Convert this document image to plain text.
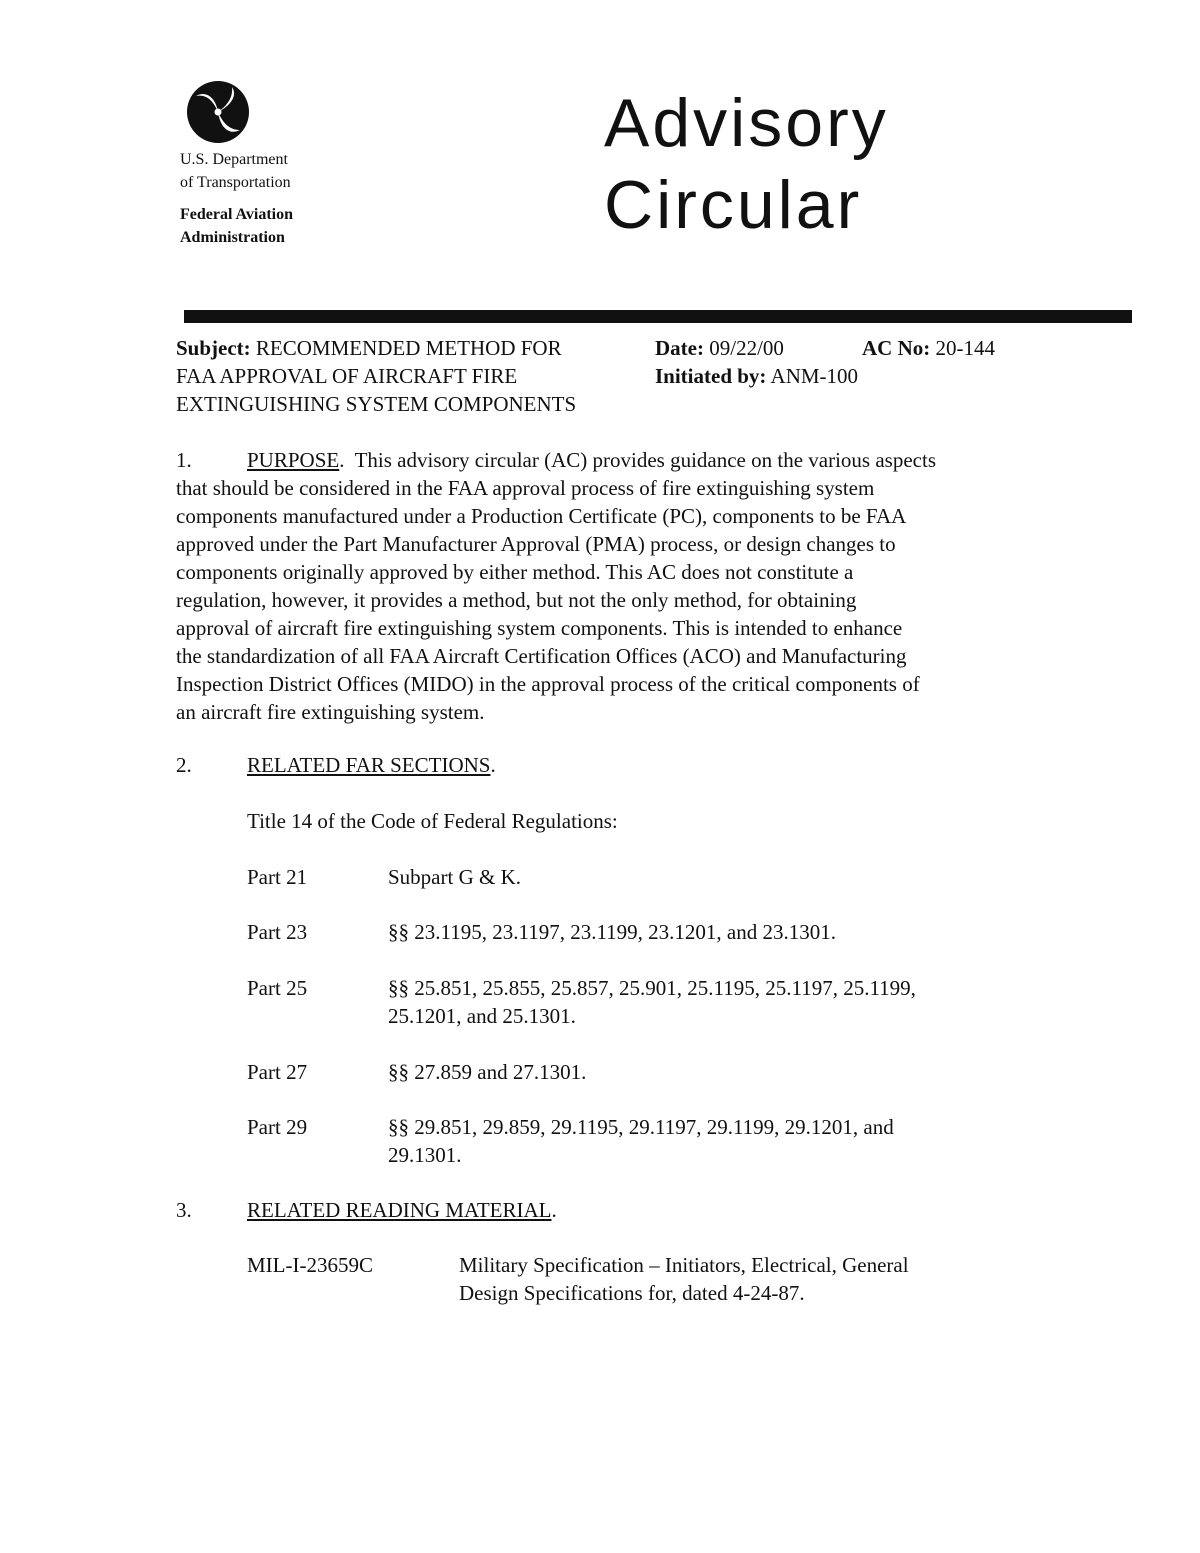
U.S. Department
of Transportation
Federal Aviation
Administration
Advisory
Circular
Subject: RECOMMENDED METHOD FOR
FAA APPROVAL OF AIRCRAFT FIRE
EXTINGUISHING SYSTEM COMPONENTS
Date: 09/22/00	AC No: 20-144
Initiated by: ANM-100
1.	PURPOSE. This advisory circular (AC) provides guidance on the various aspects

that should be considered in the FAA approval process of fire extinguishing system

components manufactured under a Production Certificate (PC), components to be FAA

approved under the Part Manufacturer Approval (PMA) process, or design changes to

components originally approved by either method. This AC does not constitute a

regulation, however, it provides a method, but not the only method, for obtaining

approval of aircraft fire extinguishing system components. This is intended to enhance

the standardization of all FAA Aircraft Certification Offices (ACO) and Manufacturing

Inspection District Offices (MIDO) in the approval process of the critical components of

an aircraft fire extinguishing system.

2.	RELATED FAR SECTIONS.
Title 14 of the Code of Federal Regulations:
Part 21	Subpart G & K.
Part 23	§§ 23.1195, 23.1197, 23.1199, 23.1201, and 23.1301.
Part 25	§§ 25.851, 25.855, 25.857, 25.901, 25.1195, 25.1197, 25.1199,
25.1201, and 25.1301.
Part 27	§§ 27.859 and 27.1301.
Part 29	§§ 29.851, 29.859, 29.1195, 29.1197, 29.1199, 29.1201, and
29.1301.
3.	RELATED READING MATERIAL.
MIL-I-23659C	Military Specification – Initiators, Electrical, General
Design Specifications for, dated 4-24-87.
